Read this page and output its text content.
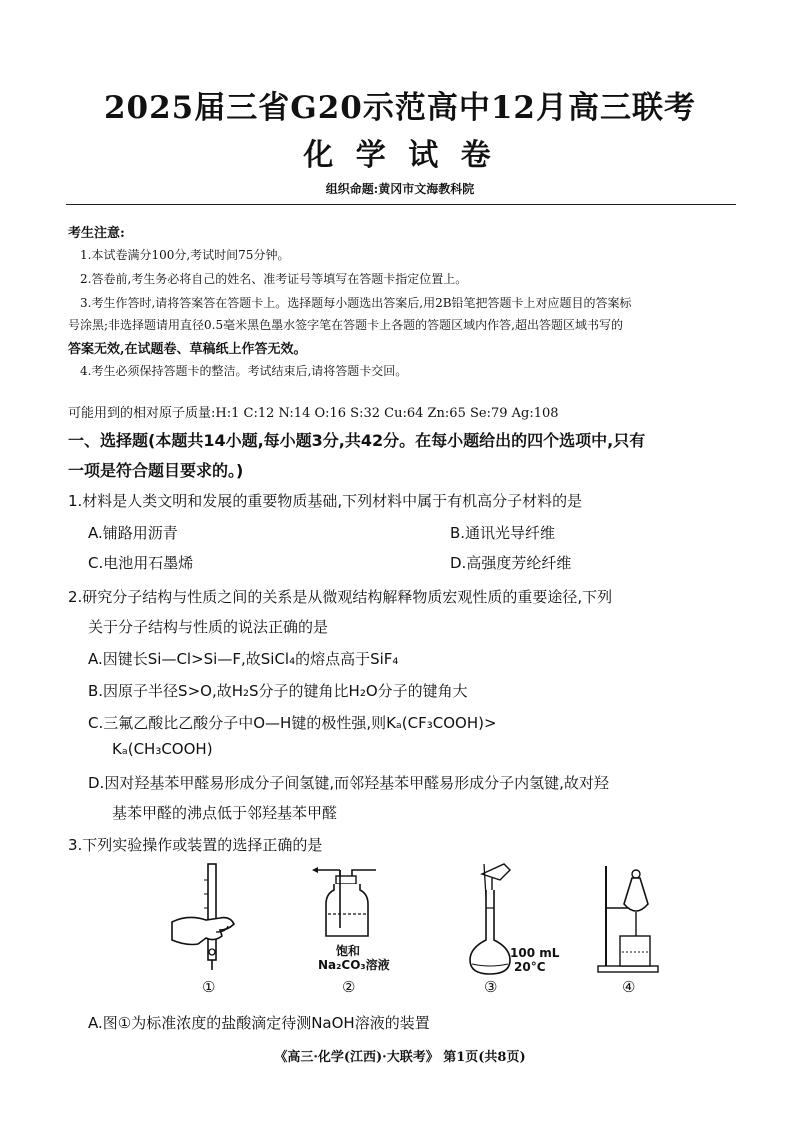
2025届三省G20示范高中12月高三联考
化 学 试 卷
组织命题:黄冈市文海教科院
考生注意:
1.本试卷满分100分,考试时间75分钟。
2.答卷前,考生务必将自己的姓名、准考证号等填写在答题卡指定位置上。
3.考生作答时,请将答案答在答题卡上。选择题每小题选出答案后,用2B铅笔把答题卡上对应题目的答案标
号涂黑;非选择题请用直径0.5毫米黑色墨水签字笔在答题卡上各题的答题区域内作答,超出答题区域书写的
答案无效,在试题卷、草稿纸上作答无效。
4.考生必须保持答题卡的整洁。考试结束后,请将答题卡交回。
可能用到的相对原子质量:H:1 C:12 N:14 O:16 S:32 Cu:64 Zn:65 Se:79 Ag:108
一、选择题(本题共14小题,每小题3分,共42分。在每小题给出的四个选项中,只有
一项是符合题目要求的。)
1.材料是人类文明和发展的重要物质基础,下列材料中属于有机高分子材料的是
A.铺路用沥青	B.通讯光导纤维
C.电池用石墨烯	D.高强度芳纶纤维
2.研究分子结构与性质之间的关系是从微观结构解释物质宏观性质的重要途径,下列
关于分子结构与性质的说法正确的是
A.因键长Si—Cl>Si—F,故SiCl₄的熔点高于SiF₄
B.因原子半径S>O,故H₂S分子的键角比H₂O分子的键角大
C.三氟乙酸比乙酸分子中O—H键的极性强,则Kₐ(CF₃COOH)>
Kₐ(CH₃COOH)
D.因对羟基苯甲醛易形成分子间氢键,而邻羟基苯甲醛易形成分子内氢键,故对羟
基苯甲醛的沸点低于邻羟基苯甲醛
3.下列实验操作或装置的选择正确的是
①
饱和
Na₂CO₃溶液
②
100 mL
20°C
③	④
A.图①为标准浓度的盐酸滴定待测NaOH溶液的装置
《高三·化学(江西)·大联考》 第1页(共8页)
